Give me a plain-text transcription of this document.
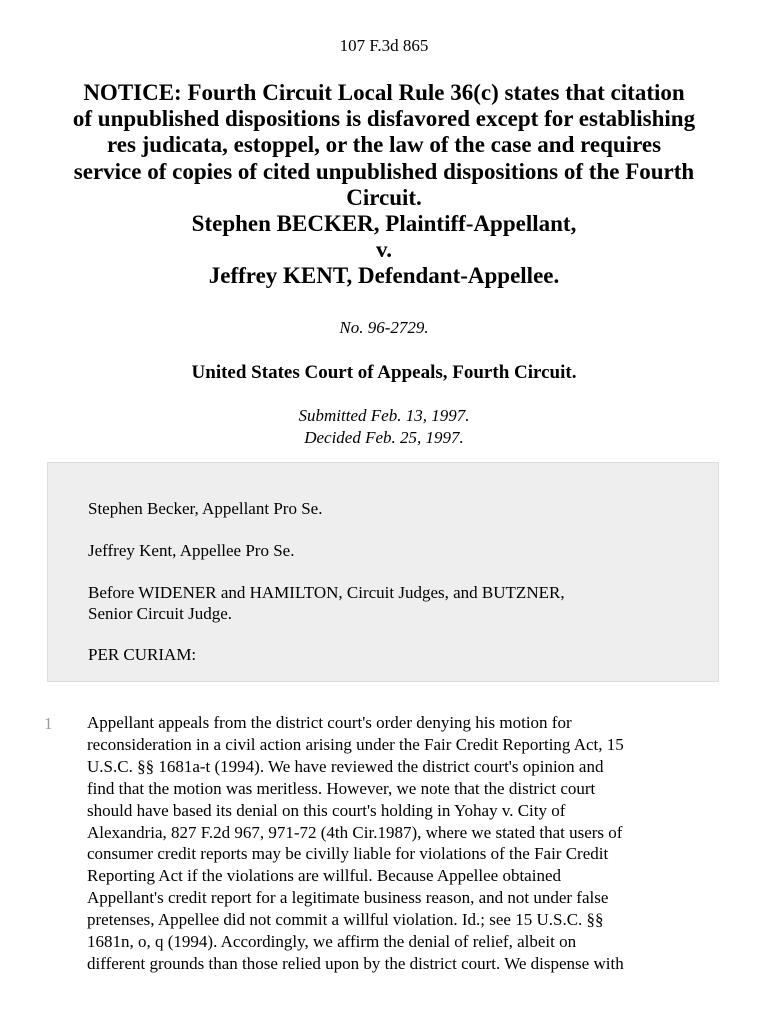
107 F.3d 865
NOTICE: Fourth Circuit Local Rule 36(c) states that citation
of unpublished dispositions is disfavored except for establishing
res judicata, estoppel, or the law of the case and requires
service of copies of cited unpublished dispositions of the Fourth
Circuit.
Stephen BECKER, Plaintiff-Appellant,
v.
Jeffrey KENT, Defendant-Appellee.
No. 96-2729.
United States Court of Appeals, Fourth Circuit.
Submitted Feb. 13, 1997.
Decided Feb. 25, 1997.

Stephen Becker, Appellant Pro Se.

Jeffrey Kent, Appellee Pro Se.

Before WIDENER and HAMILTON, Circuit Judges, and BUTZNER,
Senior Circuit Judge.

PER CURIAM:

1 Appellant appeals from the district court's order denying his motion for
reconsideration in a civil action arising under the Fair Credit Reporting Act, 15
U.S.C. §§ 1681a-t (1994). We have reviewed the district court's opinion and
find that the motion was meritless. However, we note that the district court
should have based its denial on this court's holding in Yohay v. City of
Alexandria, 827 F.2d 967, 971-72 (4th Cir.1987), where we stated that users of
consumer credit reports may be civilly liable for violations of the Fair Credit
Reporting Act if the violations are willful. Because Appellee obtained
Appellant's credit report for a legitimate business reason, and not under false
pretenses, Appellee did not commit a willful violation. Id.; see 15 U.S.C. §§
1681n, o, q (1994). Accordingly, we affirm the denial of relief, albeit on
different grounds than those relied upon by the district court. We dispense with
